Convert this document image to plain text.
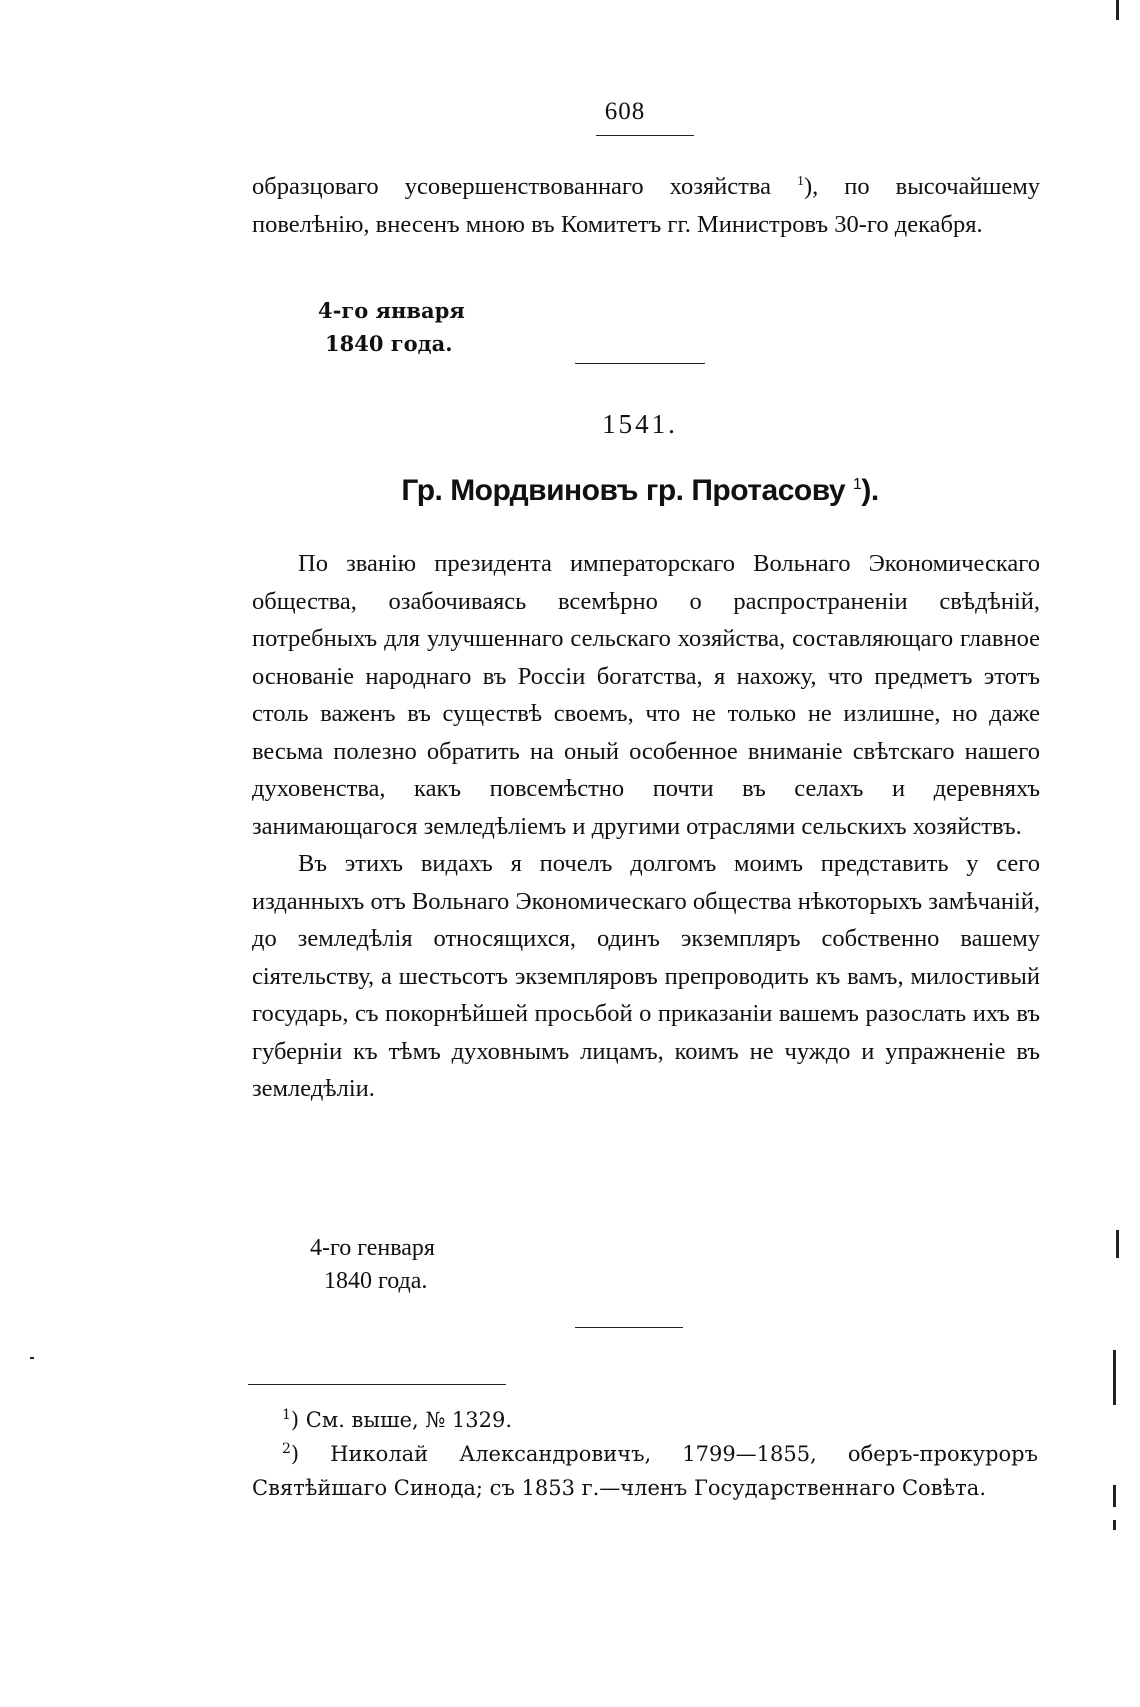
608

образцоваго усовершенствованнаго хозяйства $^1$), по высочайшему повелѣнію, внесенъ мною въ Комитетъ гг. Министровъ 30-го декабря.

4-го января
1840 года.
1541.
Гр. Мордвиновъ гр. Протасову $^1$).

По званію президента императорскаго Вольнаго Экономическаго общества, озабочиваясь всемѣрно о распространеніи свѣдѣній, потребныхъ для улучшеннаго сельскаго хозяйства, составляющаго главное основаніе народнаго въ Россіи богатства, я нахожу, что предметъ этотъ столь важенъ въ существѣ своемъ, что не только не излишне, но даже весьма полезно обратить на оный особенное вниманіе свѣтскаго нашего духовенства, какъ повсемѣстно почти въ селахъ и деревняхъ занимающагося земледѣліемъ и другими отраслями сельскихъ хозяйствъ.

Въ этихъ видахъ я почелъ долгомъ моимъ представить у сего изданныхъ отъ Вольнаго Экономическаго общества нѣкоторыхъ замѣчаній, до земледѣлія относящихся, одинъ экземпляръ собственно вашему сіятельству, а шестьсотъ экземпляровъ препроводить къ вамъ, милостивый государь, съ покорнѣйшей просьбой о приказаніи вашемъ разослать ихъ въ губерніи къ тѣмъ духовнымъ лицамъ, коимъ не чуждо и упражненіе въ земледѣліи.

4-го генваря
1840 года.

$^1$) См. выше, № 1329.

$^2$) Николай Александровичъ, 1799—1855, оберъ-прокуроръ Святѣйшаго Синода; съ 1853 г.—членъ Государственнаго Совѣта.
